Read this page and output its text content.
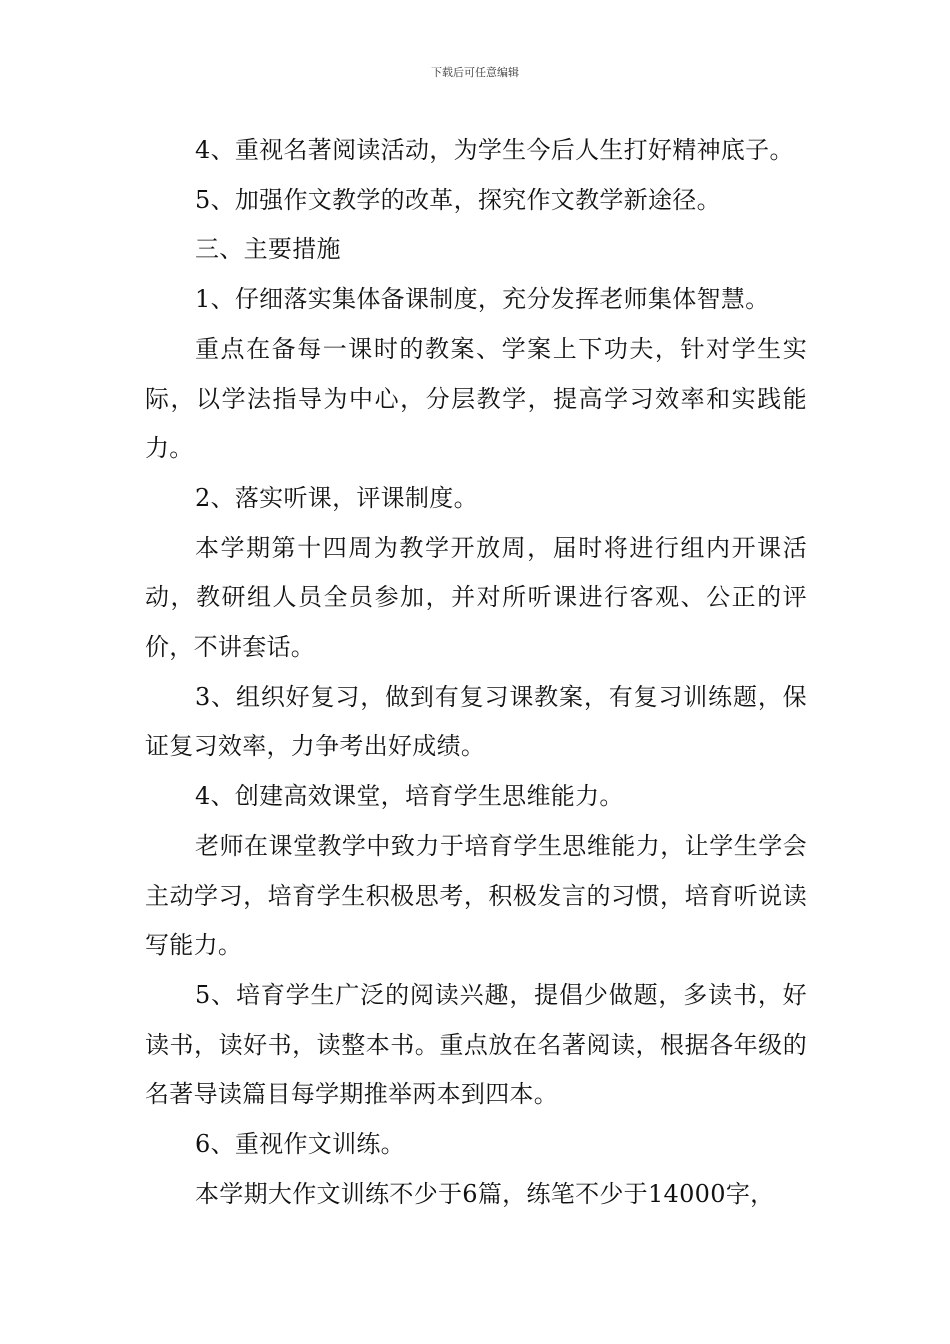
下载后可任意编辑

4、重视名著阅读活动，为学生今后人生打好精神底子。

5、加强作文教学的改革，探究作文教学新途径。

三、主要措施

1、仔细落实集体备课制度，充分发挥老师集体智慧。

重点在备每一课时的教案、学案上下功夫，针对学生实际，以学法指导为中心，分层教学，提高学习效率和实践能力。

2、落实听课，评课制度。

本学期第十四周为教学开放周，届时将进行组内开课活动，教研组人员全员参加，并对所听课进行客观、公正的评价，不讲套话。

3、组织好复习，做到有复习课教案，有复习训练题，保证复习效率，力争考出好成绩。

4、创建高效课堂，培育学生思维能力。

老师在课堂教学中致力于培育学生思维能力，让学生学会主动学习，培育学生积极思考，积极发言的习惯，培育听说读写能力。

5、培育学生广泛的阅读兴趣，提倡少做题，多读书，好读书，读好书，读整本书。重点放在名著阅读，根据各年级的名著导读篇目每学期推举两本到四本。

6、重视作文训练。

本学期大作文训练不少于6篇，练笔不少于14000字，
